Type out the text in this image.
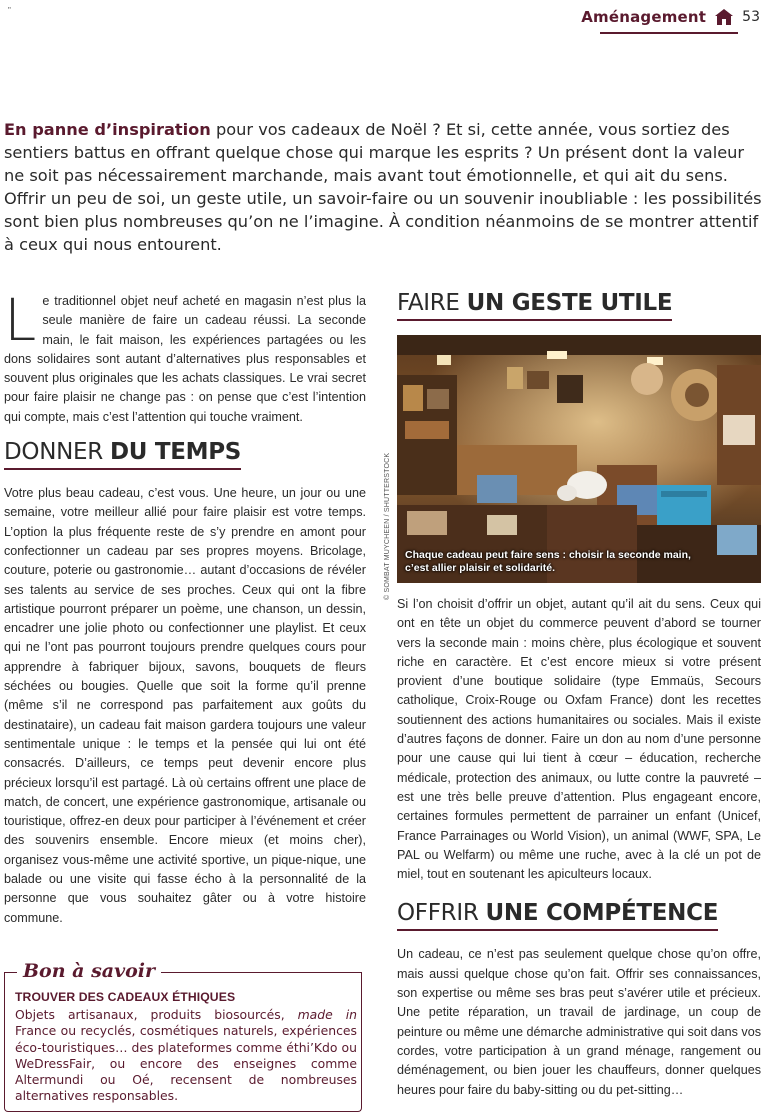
"	Aménagement	53

En panne d’inspiration pour vos cadeaux de Noël ? Et si, cette année, vous sortiez des sentiers battus en offrant quelque chose qui marque les esprits ? Un présent dont la valeur ne soit pas nécessairement marchande, mais avant tout émotionnelle, et qui ait du sens. Offrir un peu de soi, un geste utile, un savoir-faire ou un souvenir inoubliable : les possibilités sont bien plus nombreuses qu’on ne l’imagine. À condition néanmoins de se montrer attentif à ceux qui nous entourent.

L e traditionnel objet neuf acheté en magasin n’est plus la seule manière de faire un cadeau réussi. La seconde main, le fait maison, les expériences partagées ou les dons solidaires sont autant d’alternatives plus responsables et souvent plus originales que les achats classiques. Le vrai secret pour faire plaisir ne change pas : on pense que c’est l’intention qui compte, mais c’est l’attention qui touche vraiment.

DONNER DU TEMPS

Votre plus beau cadeau, c’est vous. Une heure, un jour ou une semaine, votre meilleur allié pour faire plaisir est votre temps. L’option la plus fréquente reste de s’y prendre en amont pour confectionner un cadeau par ses propres moyens. Bricolage, couture, poterie ou gastronomie… autant d’occasions de révéler ses talents au service de ses proches. Ceux qui ont la fibre artistique pourront préparer un poème, une chanson, un dessin, encadrer une jolie photo ou confectionner une playlist. Et ceux qui ne l’ont pas pourront toujours prendre quelques cours pour apprendre à fabriquer bijoux, savons, bouquets de fleurs séchées ou bougies. Quelle que soit la forme qu’il prenne (même s’il ne correspond pas parfaitement aux goûts du destinataire), un cadeau fait maison gardera toujours une valeur sentimentale unique : le temps et la pensée qui lui ont été consacrés. D’ailleurs, ce temps peut devenir encore plus précieux lorsqu’il est partagé. Là où certains offrent une place de match, de concert, une expérience gastronomique, artisanale ou touristique, offrez-en deux pour participer à l’événement et créer des souvenirs ensemble. Encore mieux (et moins cher), organisez vous-même une activité sportive, un pique-nique, une balade ou une visite qui fasse écho à la personnalité de la personne que vous souhaitez gâter ou à votre histoire commune.

Bon à savoir
TROUVER DES CADEAUX ÉTHIQUES

Objets artisanaux, produits biosourcés, made in France ou recyclés, cosmétiques naturels, expériences éco-touristiques… des plateformes comme éthi’Kdo ou WeDressFair, ou encore des enseignes comme Altermundi ou Oé, recensent de nombreuses alternatives responsables.

© SOMBAT MUYCHEEN / SHUTTERSTOCK
FAIRE UN GESTE UTILE
Chaque cadeau peut faire sens : choisir la seconde main, c’est allier plaisir et solidarité.

Si l’on choisit d’offrir un objet, autant qu’il ait du sens. Ceux qui ont en tête un objet du commerce peuvent d’abord se tourner vers la seconde main : moins chère, plus écologique et souvent riche en caractère. Et c’est encore mieux si votre présent provient d’une boutique solidaire (type Emmaüs, Secours catholique, Croix-Rouge ou Oxfam France) dont les recettes soutiennent des actions humanitaires ou sociales. Mais il existe d’autres façons de donner. Faire un don au nom d’une personne pour une cause qui lui tient à cœur – éducation, recherche médicale, protection des animaux, ou lutte contre la pauvreté – est une très belle preuve d’attention. Plus engageant encore, certaines formules permettent de parrainer un enfant (Unicef, France Parrainages ou World Vision), un animal (WWF, SPA, Le PAL ou Welfarm) ou même une ruche, avec à la clé un pot de miel, tout en soutenant les apiculteurs locaux.

OFFRIR UNE COMPÉTENCE

Un cadeau, ce n’est pas seulement quelque chose qu’on offre, mais aussi quelque chose qu’on fait. Offrir ses connaissances, son expertise ou même ses bras peut s’avérer utile et précieux. Une petite réparation, un travail de jardinage, un coup de peinture ou même une démarche administrative qui soit dans vos cordes, votre participation à un grand ménage, rangement ou déménagement, ou bien jouer les chauffeurs, donner quelques heures pour faire du baby-sitting ou du pet-sitting…
